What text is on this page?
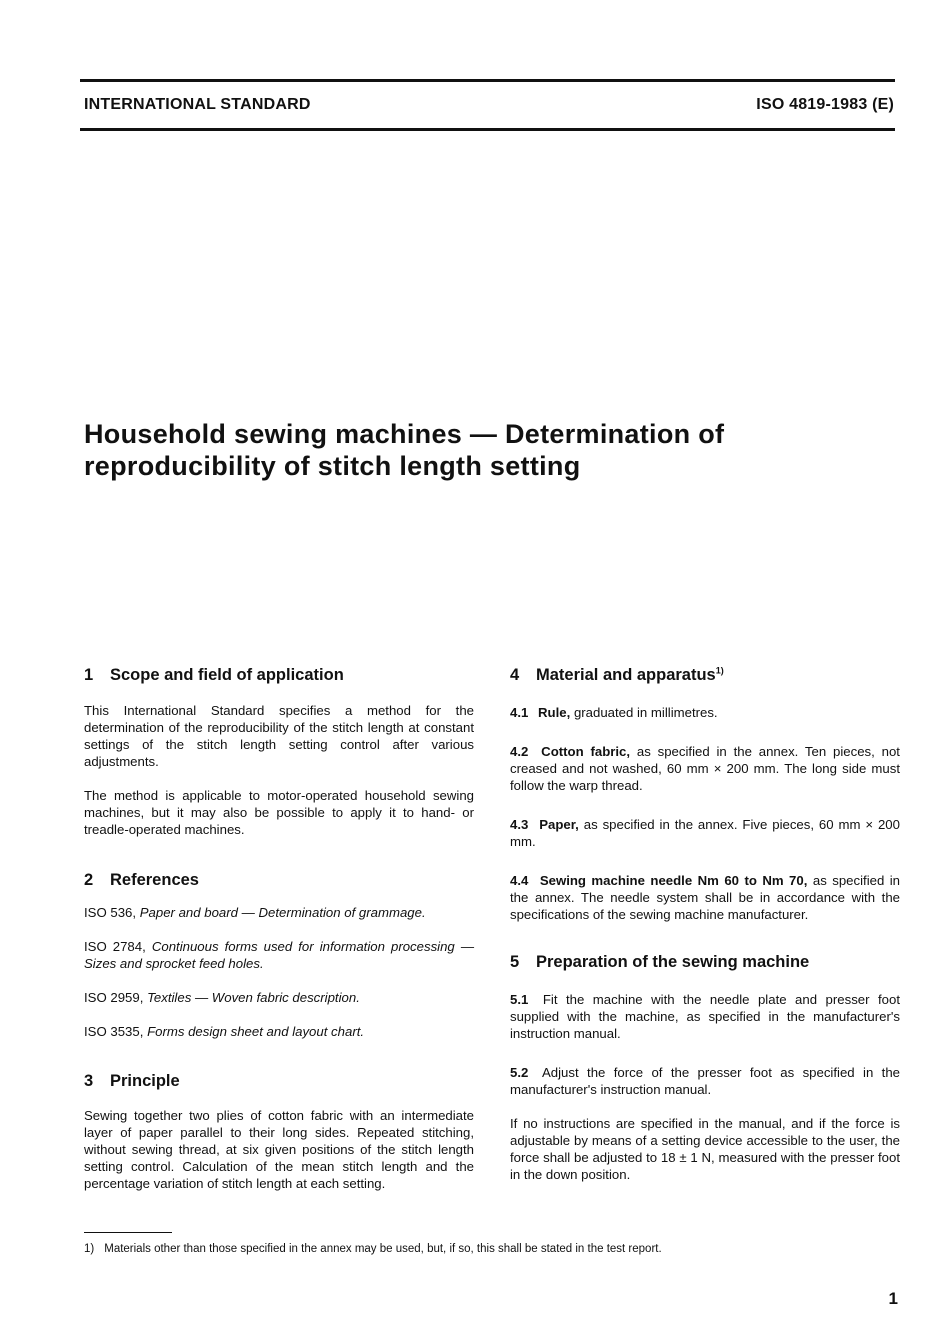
INTERNATIONAL STANDARD	ISO 4819-1983 (E)
Household sewing machines — Determination of
reproducibility of stitch length setting
1 Scope and field of application

This International Standard specifies a method for the determination of the reproducibility of the stitch length at constant settings of the stitch length setting control after various adjustments.

The method is applicable to motor-operated household sewing machines, but it may also be possible to apply it to hand- or treadle-operated machines.

2 References

ISO 536, Paper and board — Determination of grammage.

ISO 2784, Continuous forms used for information processing — Sizes and sprocket feed holes.

ISO 2959, Textiles — Woven fabric description.

ISO 3535, Forms design sheet and layout chart.

3 Principle

Sewing together two plies of cotton fabric with an intermediate layer of paper parallel to their long sides. Repeated stitching, without sewing thread, at six given positions of the stitch length setting control. Calculation of the mean stitch length and the percentage variation of stitch length at each setting.

4 Material and apparatus$^{1)}$

4.1 Rule, graduated in millimetres.

4.2 Cotton fabric, as specified in the annex. Ten pieces, not creased and not washed, 60 mm × 200 mm. The long side must follow the warp thread.

4.3 Paper, as specified in the annex. Five pieces, 60 mm × 200 mm.

4.4 Sewing machine needle Nm 60 to Nm 70, as specified in the annex. The needle system shall be in accordance with the specifications of the sewing machine manufacturer.

5 Preparation of the sewing machine

5.1 Fit the machine with the needle plate and presser foot supplied with the machine, as specified in the manufacturer's instruction manual.

5.2 Adjust the force of the presser foot as specified in the manufacturer's instruction manual.

If no instructions are specified in the manual, and if the force is adjustable by means of a setting device accessible to the user, the force shall be adjusted to 18 ± 1 N, measured with the presser foot in the down position.

1) Materials other than those specified in the annex may be used, but, if so, this shall be stated in the test report.
1
